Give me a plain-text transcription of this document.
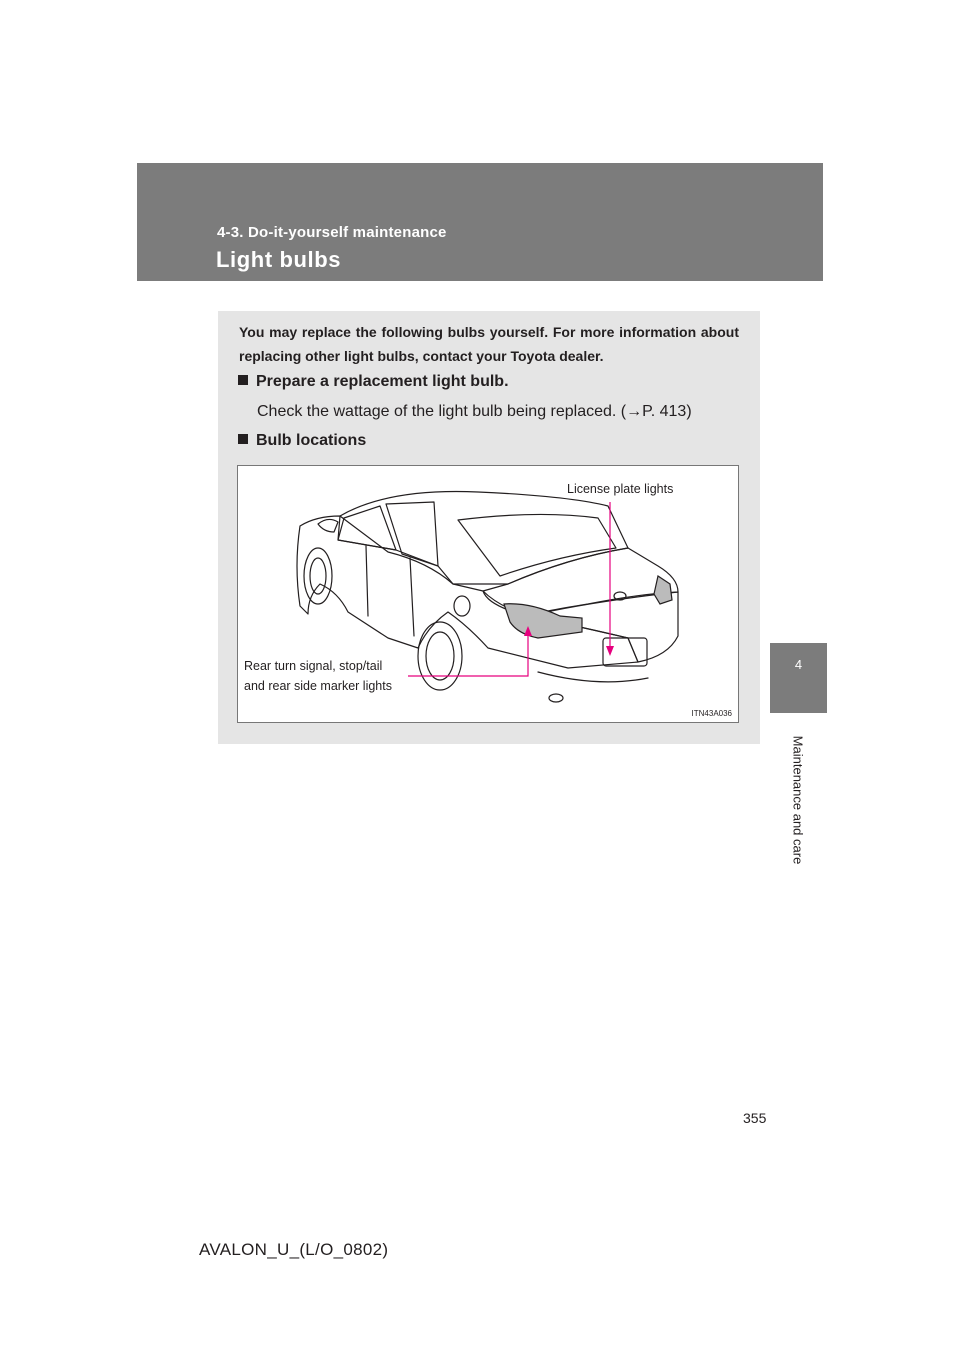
4-3. Do-it-yourself maintenance
Light bulbs
4
Maintenance and care
You may replace the following bulbs yourself. For more information about replacing other light bulbs, contact your Toyota dealer.
Prepare a replacement light bulb.
Check the wattage of the light bulb being replaced. (→P. 413)
Bulb locations
License plate lights
Rear turn signal, stop/tail
and rear side marker lights
ITN43A036
355
AVALON_U_(L/O_0802)
